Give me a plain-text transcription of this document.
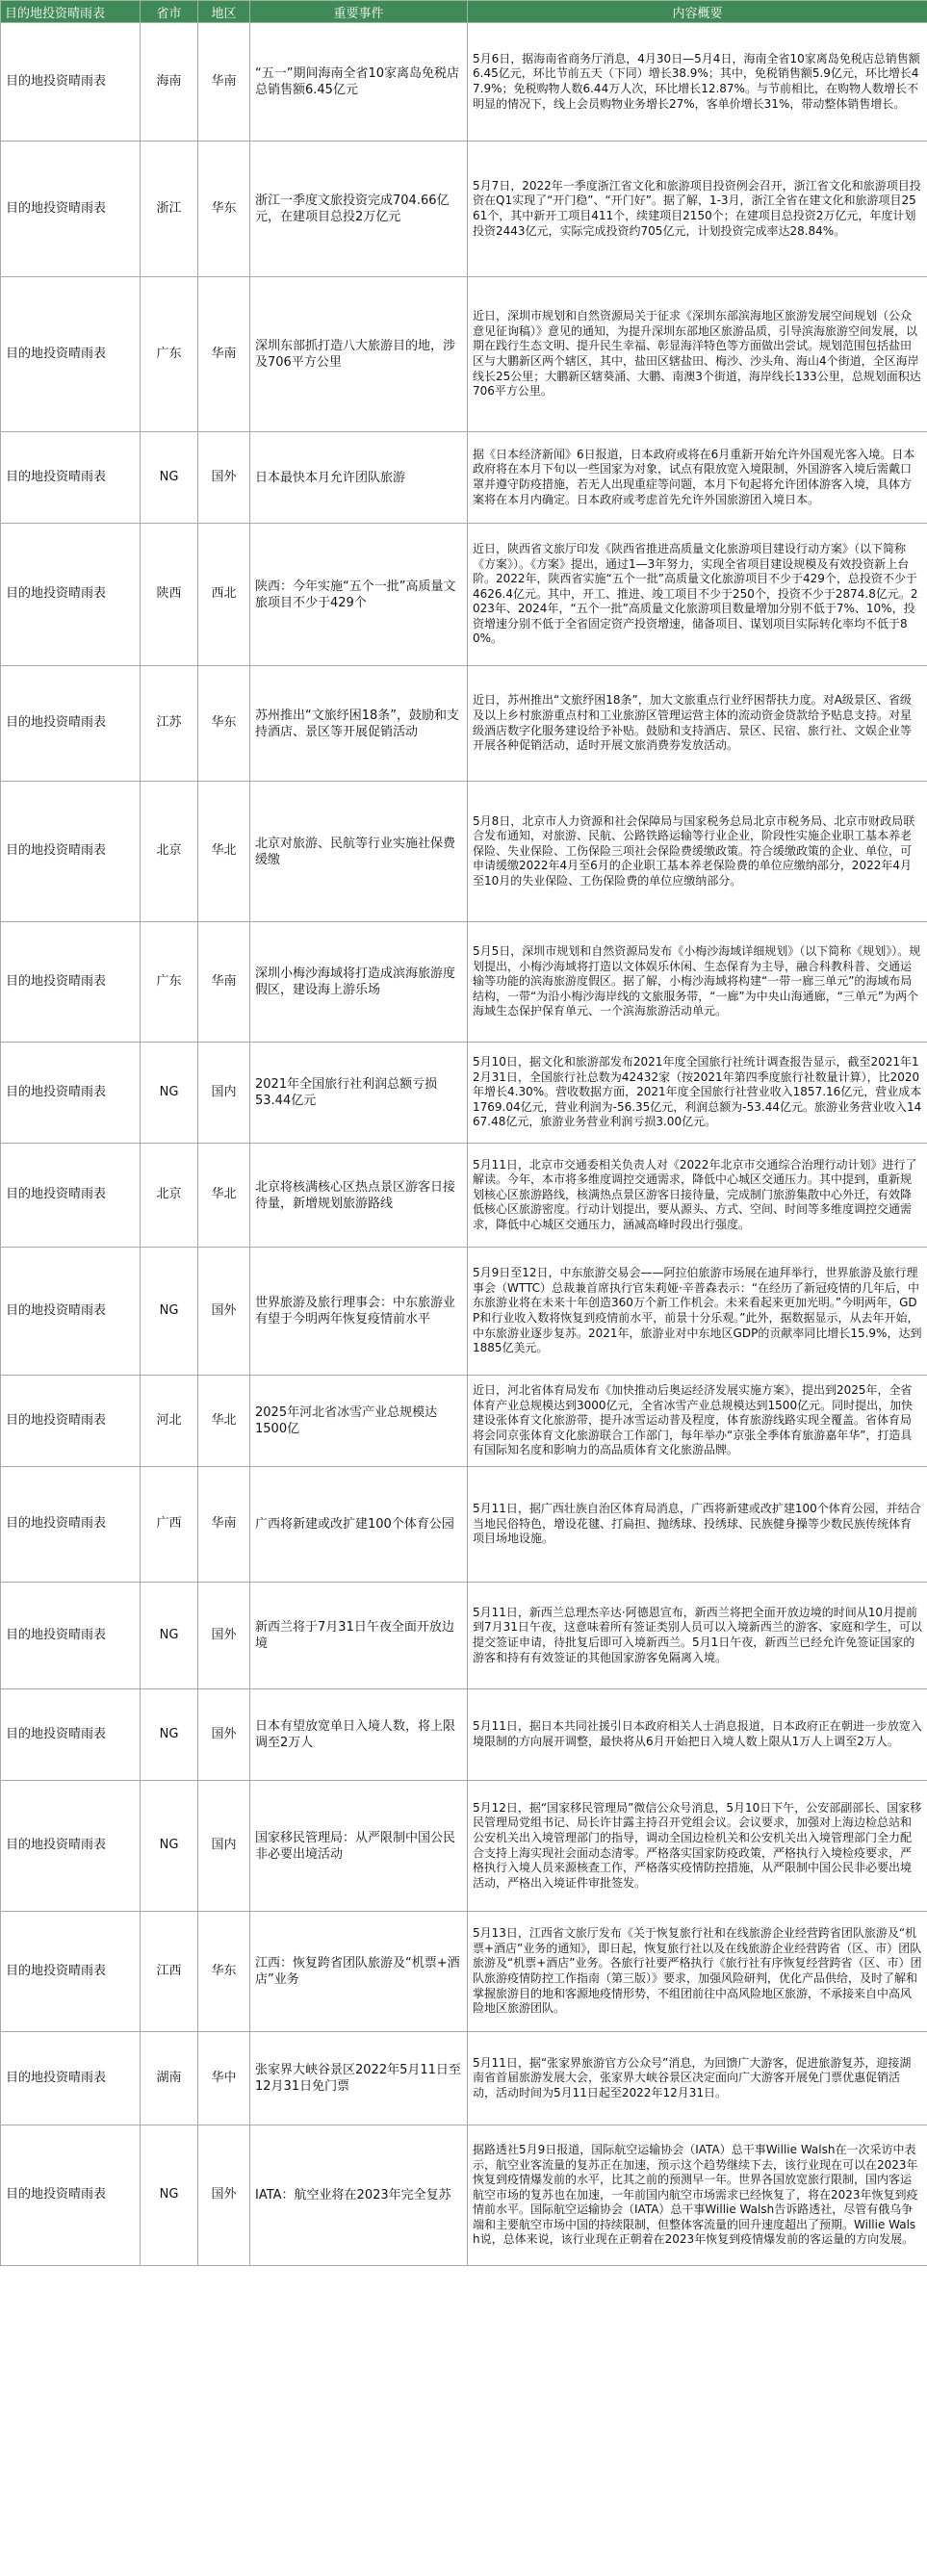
目的地投资晴雨表	省市	地区	重要事件	内容概要

目的地投资晴雨表	海南	华南	“五一”期间海南全省10家离岛免税店总销售额6.45亿元	5月6日，据海南省商务厅消息，4月30日—5月4日，海南全省10家离岛免税店总销售额6.45亿元，环比节前五天（下同）增长38.9%；其中，免税销售额5.9亿元，环比增长47.9%；免税购物人数6.44万人次，环比增长12.87%。与节前相比，在购物人数增长不明显的情况下，线上会员购物业务增长27%，客单价增长31%，带动整体销售增长。

目的地投资晴雨表	浙江	华东	浙江一季度文旅投资完成704.66亿元，在建项目总投2万亿元	5月7日，2022年一季度浙江省文化和旅游项目投资例会召开，浙江省文化和旅游项目投资在Q1实现了“开门稳”、“开门好”。据了解，1-3月，浙江全省在建文化和旅游项目2561个，其中新开工项目411个，续建项目2150个；在建项目总投资2万亿元，年度计划投资2443亿元，实际完成投资约705亿元，计划投资完成率达28.84%。

目的地投资晴雨表	广东	华南	深圳东部抓打造八大旅游目的地，涉及706平方公里	近日，深圳市规划和自然资源局关于征求《深圳东部滨海地区旅游发展空间规划（公众意见征询稿）》意见的通知，为提升深圳东部地区旅游品质，引导滨海旅游空间发展，以期在践行生态文明、提升民生幸福、彰显海洋特色等方面做出尝试。规划范围包括盐田区与大鹏新区两个辖区，其中，盐田区辖盐田、梅沙、沙头角、海山4个街道，全区海岸线长25公里；大鹏新区辖葵涌、大鹏、南澳3个街道，海岸线长133公里，总规划面积达706平方公里。

目的地投资晴雨表	NG	国外	日本最快本月允许团队旅游	据《日本经济新闻》6日报道，日本政府或将在6月重新开始允许外国观光客入境。日本政府将在本月下旬以一些国家为对象，试点有限放宽入境限制，外国游客入境后需戴口罩并遵守防疫措施，若无人出现重症等问题，本月下旬起将允许团体游客入境，具体方案将在本月内确定。日本政府或考虑首先允许外国旅游团入境日本。

目的地投资晴雨表	陕西	西北	陕西：今年实施“五个一批”高质量文旅项目不少于429个	近日，陕西省文旅厅印发《陕西省推进高质量文化旅游项目建设行动方案》（以下简称《方案》）。《方案》提出，通过1—3年努力，实现全省项目建设规模及有效投资新上台阶。2022年，陕西省实施“五个一批”高质量文化旅游项目不少于429个，总投资不少于4626.4亿元。其中，开工、推进、竣工项目不少于250个，投资不少于2874.8亿元。2023年、2024年，“五个一批”高质量文化旅游项目数量增加分别不低于7%、10%，投资增速分别不低于全省固定资产投资增速，储备项目、谋划项目实际转化率均不低于80%。

目的地投资晴雨表	江苏	华东	苏州推出“文旅纾困18条”，鼓励和支持酒店、景区等开展促销活动	近日，苏州推出“文旅纾困18条”，加大文旅重点行业纾困帮扶力度。对A级景区、省级及以上乡村旅游重点村和工业旅游区管理运营主体的流动资金贷款给予贴息支持。对星级酒店数字化服务建设给予补贴。鼓励和支持酒店、景区、民宿、旅行社、文娱企业等开展各种促销活动，适时开展文旅消费券发放活动。

目的地投资晴雨表	北京	华北	北京对旅游、民航等行业实施社保费缓缴	5月8日，北京市人力资源和社会保障局与国家税务总局北京市税务局、北京市财政局联合发布通知，对旅游、民航、公路铁路运输等行业企业，阶段性实施企业职工基本养老保险、失业保险、工伤保险三项社会保险费缓缴政策。符合缓缴政策的企业、单位，可申请缓缴2022年4月至6月的企业职工基本养老保险费的单位应缴纳部分，2022年4月至10月的失业保险、工伤保险费的单位应缴纳部分。

目的地投资晴雨表	广东	华南	深圳小梅沙海域将打造成滨海旅游度假区，建设海上游乐场	5月5日，深圳市规划和自然资源局发布《小梅沙海域详细规划》（以下简称《规划》）。规划提出，小梅沙海域将打造以文体娱乐休闲、生态保育为主导，融合科教科普、交通运输等功能的滨海旅游度假区。据了解，小梅沙海域将构建“一带一廊三单元”的海域布局结构，一带“为沿小梅沙海岸线的文旅服务带，“一廊”为中央山海通廊，“三单元”为两个海域生态保护保育单元、一个滨海旅游活动单元。

目的地投资晴雨表	NG	国内	2021年全国旅行社利润总额亏损53.44亿元	5月10日，据文化和旅游部发布2021年度全国旅行社统计调查报告显示，截至2021年12月31日，全国旅行社总数为42432家（按2021年第四季度旅行社数量计算），比2020年增长4.30%。营收数据方面，2021年度全国旅行社营业收入1857.16亿元，营业成本1769.04亿元，营业利润为-56.35亿元，利润总额为-53.44亿元。旅游业务营业收入1467.48亿元，旅游业务营业利润亏损3.00亿元。

目的地投资晴雨表	北京	华北	北京将核满核心区热点景区游客日接待量，新增规划旅游路线	5月11日，北京市交通委相关负责人对《2022年北京市交通综合治理行动计划》进行了解读。今年，本市将多维度调控交通需求，降低中心城区交通压力。其中提到，重新规划核心区旅游路线，核满热点景区游客日接待量，完成制门旅游集散中心外迁，有效降低核心区旅游密度。行动计划提出，要从源头、方式、空间、时间等多维度调控交通需求，降低中心城区交通压力，涵减高峰时段出行强度。

目的地投资晴雨表	NG	国外	世界旅游及旅行理事会：中东旅游业有望于今明两年恢复疫情前水平	5月9日至12日，中东旅游交易会——阿拉伯旅游市场展在迪拜举行，世界旅游及旅行理事会（WTTC）总裁兼首席执行官朱莉娅·辛普森表示：“在经历了新冠疫情的几年后，中东旅游业将在未来十年创造360万个新工作机会。未来看起来更加光明。”今明两年，GDP和行业收入数将恢复到疫情前水平，前景十分乐观。”此外，据数据显示，从去年开始，中东旅游业逐步复苏。2021年，旅游业对中东地区GDP的贡献率同比增长15.9%，达到1885亿美元。

目的地投资晴雨表	河北	华北	2025年河北省冰雪产业总规模达1500亿	近日，河北省体育局发布《加快推动后奥运经济发展实施方案》，提出到2025年，全省体育产业总规模达到3000亿元，全省冰雪产业总规模达到1500亿元。同时提出，加快建设张体育文化旅游带，提升冰雪运动普及程度，体育旅游线路实现全覆盖。省体育局将会同京张体育文化旅游联合工作部门，每年举办“京张全季体育旅游嘉年华”，打造具有国际知名度和影响力的高品质体育文化旅游品牌。

目的地投资晴雨表	广西	华南	广西将新建或改扩建100个体育公园	5月11日，据广西壮族自治区体育局消息，广西将新建或改扩建100个体育公园，并结合当地民俗特色，增设花毽、打扁担、抛绣球、投绣球、民族健身操等少数民族传统体育项目场地设施。

目的地投资晴雨表	NG	国外	新西兰将于7月31日午夜全面开放边境	5月11日，新西兰总理杰辛达·阿德恩宣布，新西兰将把全面开放边境的时间从10月提前到7月31日午夜，这意味着所有签证类别人员可以入境新西兰的游客、家庭和学生，可以提交签证申请，待批复后即可入境新西兰。5月1日午夜，新西兰已经允许免签证国家的游客和持有有效签证的其他国家游客免隔离入境。

目的地投资晴雨表	NG	国外	日本有望放宽单日入境人数，将上限调至2万人	5月11日，据日本共同社援引日本政府相关人士消息报道，日本政府正在朝进一步放宽入境限制的方向展开调整，最快将从6月开始把日入境人数上限从1万人上调至2万人。

目的地投资晴雨表	NG	国内	国家移民管理局：从严限制中国公民非必要出境活动	5月12日，据“国家移民管理局”微信公众号消息，5月10日下午，公安部副部长、国家移民管理局党组书记、局长许甘露主持召开党组会议。会议要求，加强对上海边检总站和公安机关出入境管理部门的指导，调动全国边检机关和公安机关出入境管理部门全力配合支持上海实现社会面动态清零。严格落实国家防疫政策，严格执行入境检疫要求，严格执行入境人员来源核查工作，严格落实疫情防控措施，从严限制中国公民非必要出境活动，严格出入境证件审批签发。

目的地投资晴雨表	江西	华东	江西：恢复跨省团队旅游及“机票+酒店”业务	5月13日，江西省文旅厅发布《关于恢复旅行社和在线旅游企业经营跨省团队旅游及“机票+酒店”业务的通知》，即日起，恢复旅行社以及在线旅游企业经营跨省（区、市）团队旅游及“机票+酒店”业务。各旅行社要严格执行《旅行社有序恢复经营跨省（区、市）团队旅游疫情防控工作指南（第三版）》要求，加强风险研判，优化产品供给，及时了解和掌握旅游目的地和客源地疫情形势，不组团前往中高风险地区旅游，不承接来自中高风险地区旅游团队。

目的地投资晴雨表	湖南	华中	张家界大峡谷景区2022年5月11日至12月31日免门票	5月11日，据“张家界旅游官方公众号”消息，为回馈广大游客，促进旅游复苏，迎接湖南省首届旅游发展大会，张家界大峡谷景区决定面向广大游客开展免门票优惠促销活动，活动时间为5月11日起至2022年12月31日。

目的地投资晴雨表	NG	国外	IATA：航空业将在2023年完全复苏	据路透社5月9日报道，国际航空运输协会（IATA）总干事Willie Walsh在一次采访中表示，航空业客流量的复苏正在加速，预示这个趋势继续下去，该行业现在可以在2023年恢复到疫情爆发前的水平，比其之前的预测早一年。世界各国放宽旅行限制，国内客运航空市场的复苏也在加速，一年前国内航空市场需求已经恢复了，将在2023年恢复到疫情前水平。国际航空运输协会（IATA）总干事Willie Walsh告诉路透社，尽管有俄乌争端和主要航空市场中国的持续限制，但整体客流量的回升速度超出了预期。Willie Walsh说，总体来说，该行业现在正朝着在2023年恢复到疫情爆发前的客运量的方向发展。
